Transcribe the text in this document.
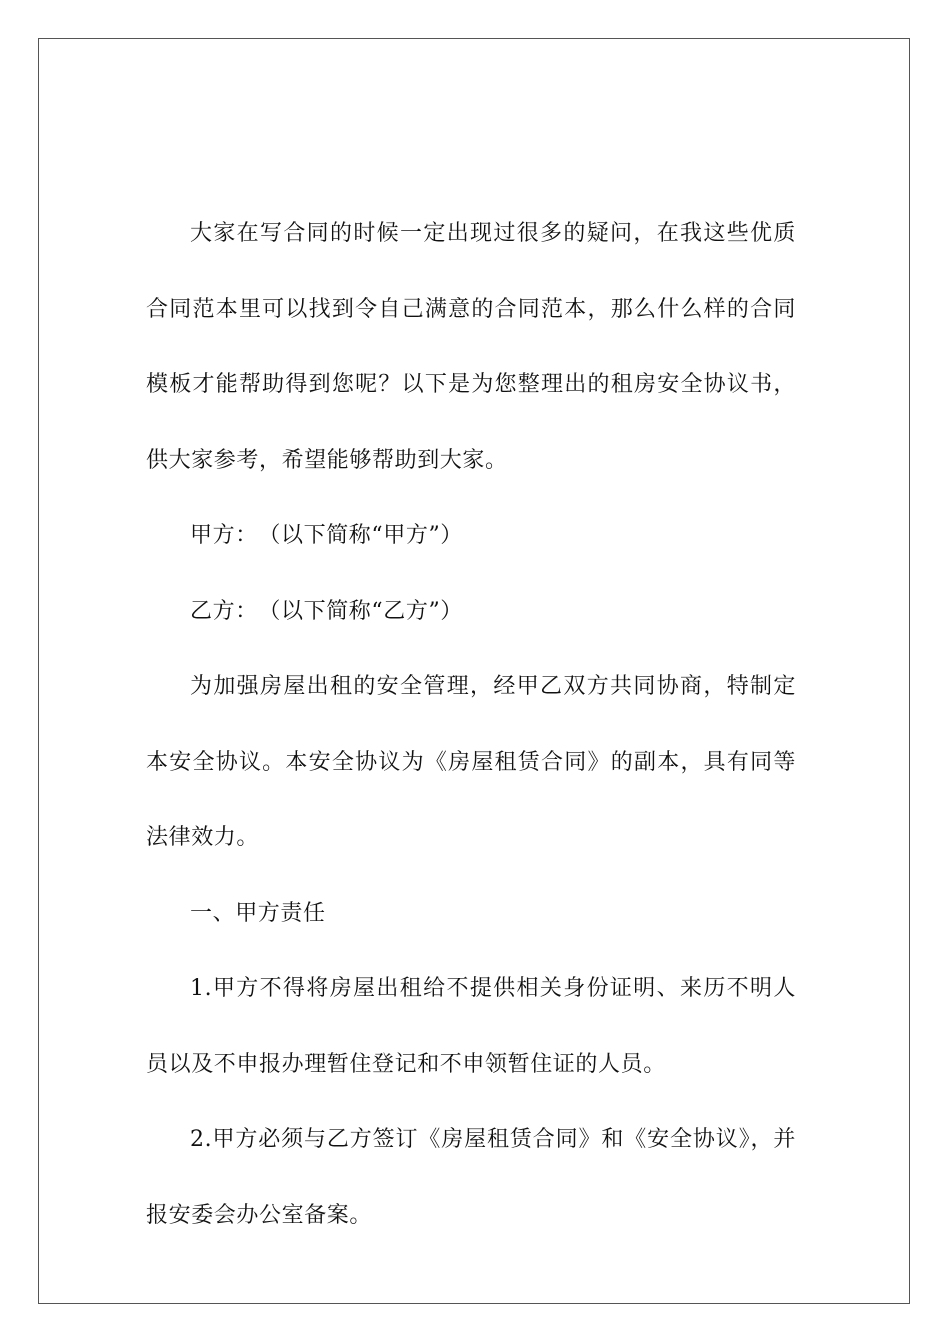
大家在写合同的时候一定出现过很多的疑问，在我这些优质合同范本里可以找到令自己满意的合同范本，那么什么样的合同模板才能帮助得到您呢？以下是为您整理出的租房安全协议书，供大家参考，希望能够帮助到大家。

甲方：　（以下简称“甲方”）

乙方：　（以下简称“乙方”）

为加强房屋出租的安全管理，经甲乙双方共同协商，特制定本安全协议。本安全协议为《房屋租赁合同》的副本，具有同等法律效力。

一、甲方责任

1.甲方不得将房屋出租给不提供相关身份证明、来历不明人员以及不申报办理暂住登记和不申领暂住证的人员。

2.甲方必须与乙方签订《房屋租赁合同》和《安全协议》，并报安委会办公室备案。
